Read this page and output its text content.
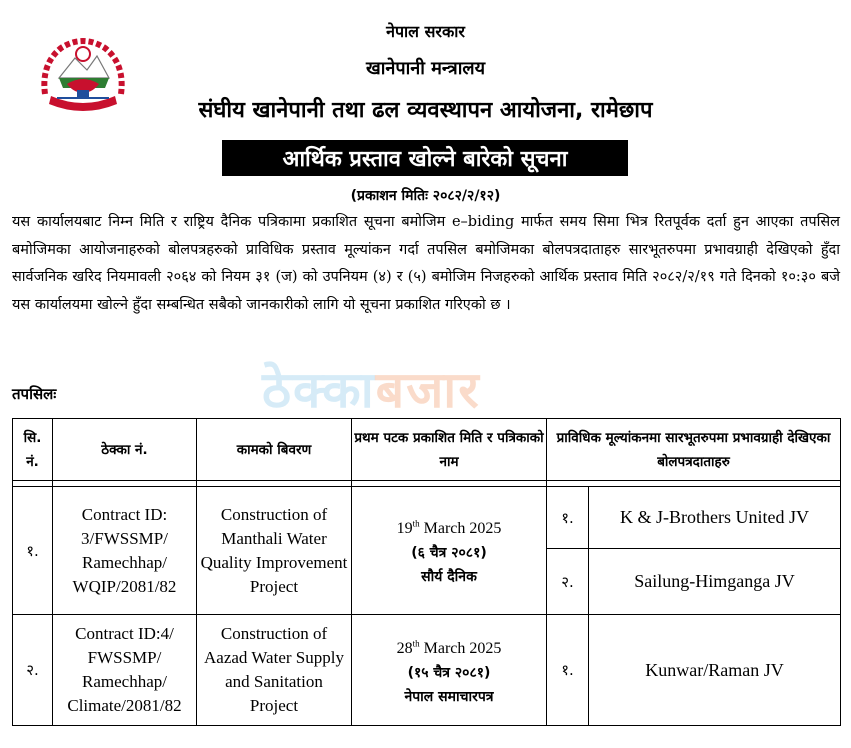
नेपाल सरकार
खानेपानी मन्त्रालय
संघीय खानेपानी तथा ढल व्यवस्थापन आयोजना, रामेछाप
आर्थिक प्रस्ताव खोल्ने बारेको सूचना
(प्रकाशन मितिः २०८२/२/१२)
यस कार्यालयबाट निम्न मिति र राष्ट्रिय दैनिक पत्रिकामा प्रकाशित सूचना बमोजिम e–biding मार्फत समय सिमा भित्र रितपूर्वक दर्ता हुन आएका तपसिल बमोजिमका आयोजनाहरुको बोलपत्रहरुको प्राविधिक प्रस्ताव मूल्यांकन गर्दा तपसिल बमोजिमका बोलपत्रदाताहरु सारभूतरुपमा प्रभावग्राही देखिएको हुँदा सार्वजनिक खरिद नियमावली २०६४ को नियम ३१ (ज) को उपनियम (४) र (५) बमोजिम निजहरुको आर्थिक प्रस्ताव मिति २०८२/२/१९ गते दिनको १०:३० बजे यस कार्यालयमा खोल्ने हुँदा सम्बन्धित सबैको जानकारीको लागि यो सूचना प्रकाशित गरिएको छ ।
ठेक्काबजार
तपसिलः
सि. नं.	ठेक्का नं.	कामको बिवरण	प्रथम पटक प्रकाशित मिति र पत्रिकाको नाम	प्राविधिक मूल्यांकनमा सारभूतरुपमा प्रभावग्राही देखिएका बोलपत्रदाताहरु	

१.	Contract ID: 3/FWSSMP/ Ramechhap/ WQIP/2081/82	Construction of Manthali Water Quality Improvement Project	19th March 2025
(६ चैत्र २०८१)
सौर्य दैनिक	१.	K & J-Brothers United JV
				२.	Sailung-Himganga JV
२.	Contract ID:4/ FWSSMP/ Ramechhap/ Climate/2081/82	Construction of Aazad Water Supply and Sanitation Project	28th March 2025
(१५ चैत्र २०८१)
नेपाल समाचारपत्र	१.	Kunwar/Raman JV
